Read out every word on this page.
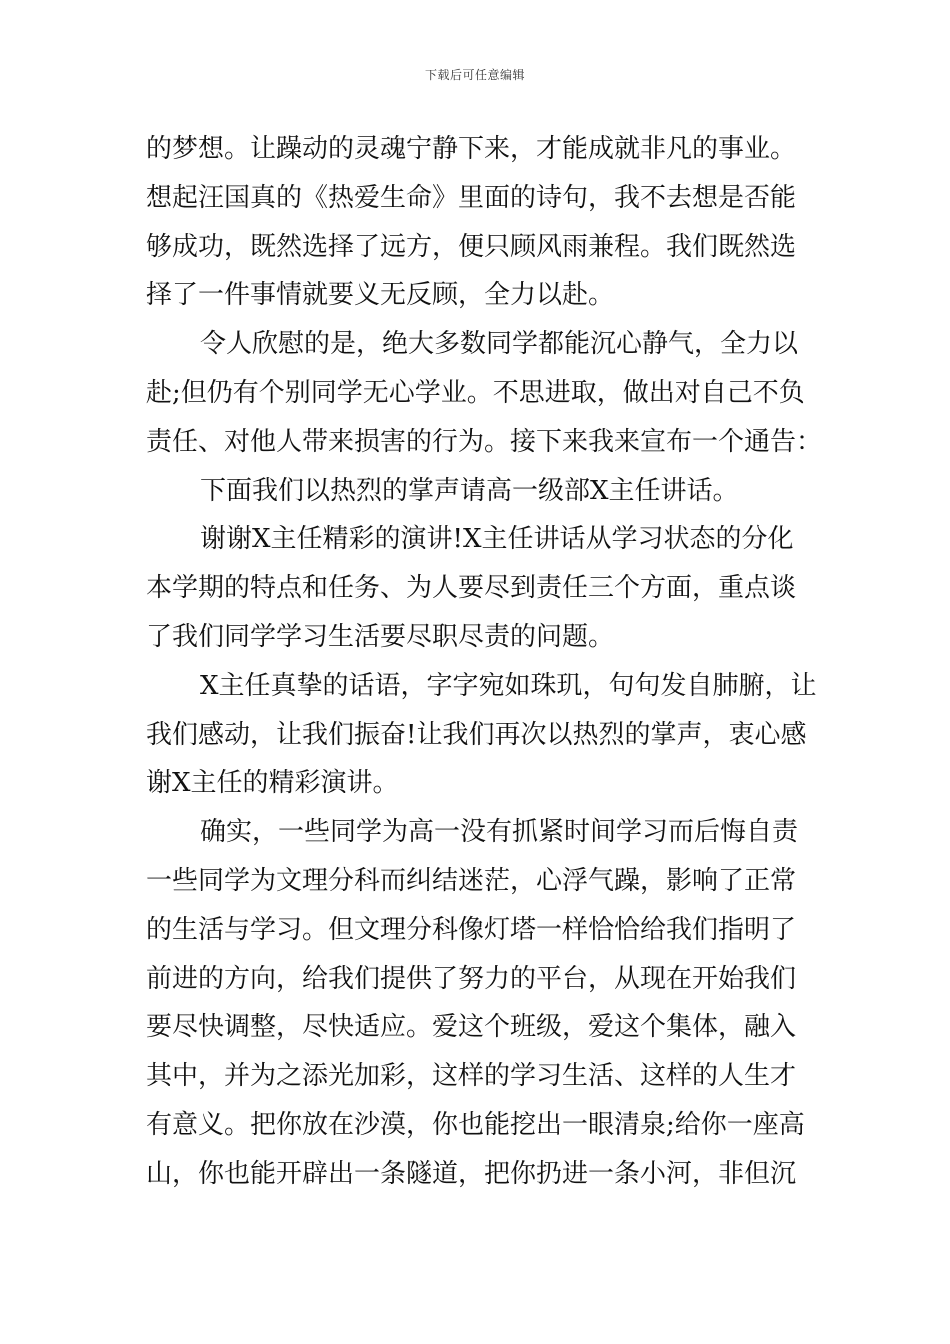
下载后可任意编辑
的梦想。让躁动的灵魂宁静下来，才能成就非凡的事业。
想起汪国真的《热爱生命》里面的诗句，我不去想是否能
够成功，既然选择了远方，便只顾风雨兼程。我们既然选
择了一件事情就要义无反顾，全力以赴。
令人欣慰的是，绝大多数同学都能沉心静气，全力以
赴;但仍有个别同学无心学业。不思进取，做出对自己不负
责任、对他人带来损害的行为。接下来我来宣布一个通告：
下面我们以热烈的掌声请高一级部X主任讲话。
谢谢X主任精彩的演讲!X主任讲话从学习状态的分化
本学期的特点和任务、为人要尽到责任三个方面，重点谈
了我们同学学习生活要尽职尽责的问题。
X主任真挚的话语，字字宛如珠玑，句句发自肺腑，让
我们感动，让我们振奋!让我们再次以热烈的掌声，衷心感
谢X主任的精彩演讲。
确实，一些同学为高一没有抓紧时间学习而后悔自责
一些同学为文理分科而纠结迷茫，心浮气躁，影响了正常
的生活与学习。但文理分科像灯塔一样恰恰给我们指明了
前进的方向，给我们提供了努力的平台，从现在开始我们
要尽快调整，尽快适应。爱这个班级，爱这个集体，融入
其中，并为之添光加彩，这样的学习生活、这样的人生才
有意义。把你放在沙漠，你也能挖出一眼清泉;给你一座高
山，你也能开辟出一条隧道，把你扔进一条小河，非但沉
